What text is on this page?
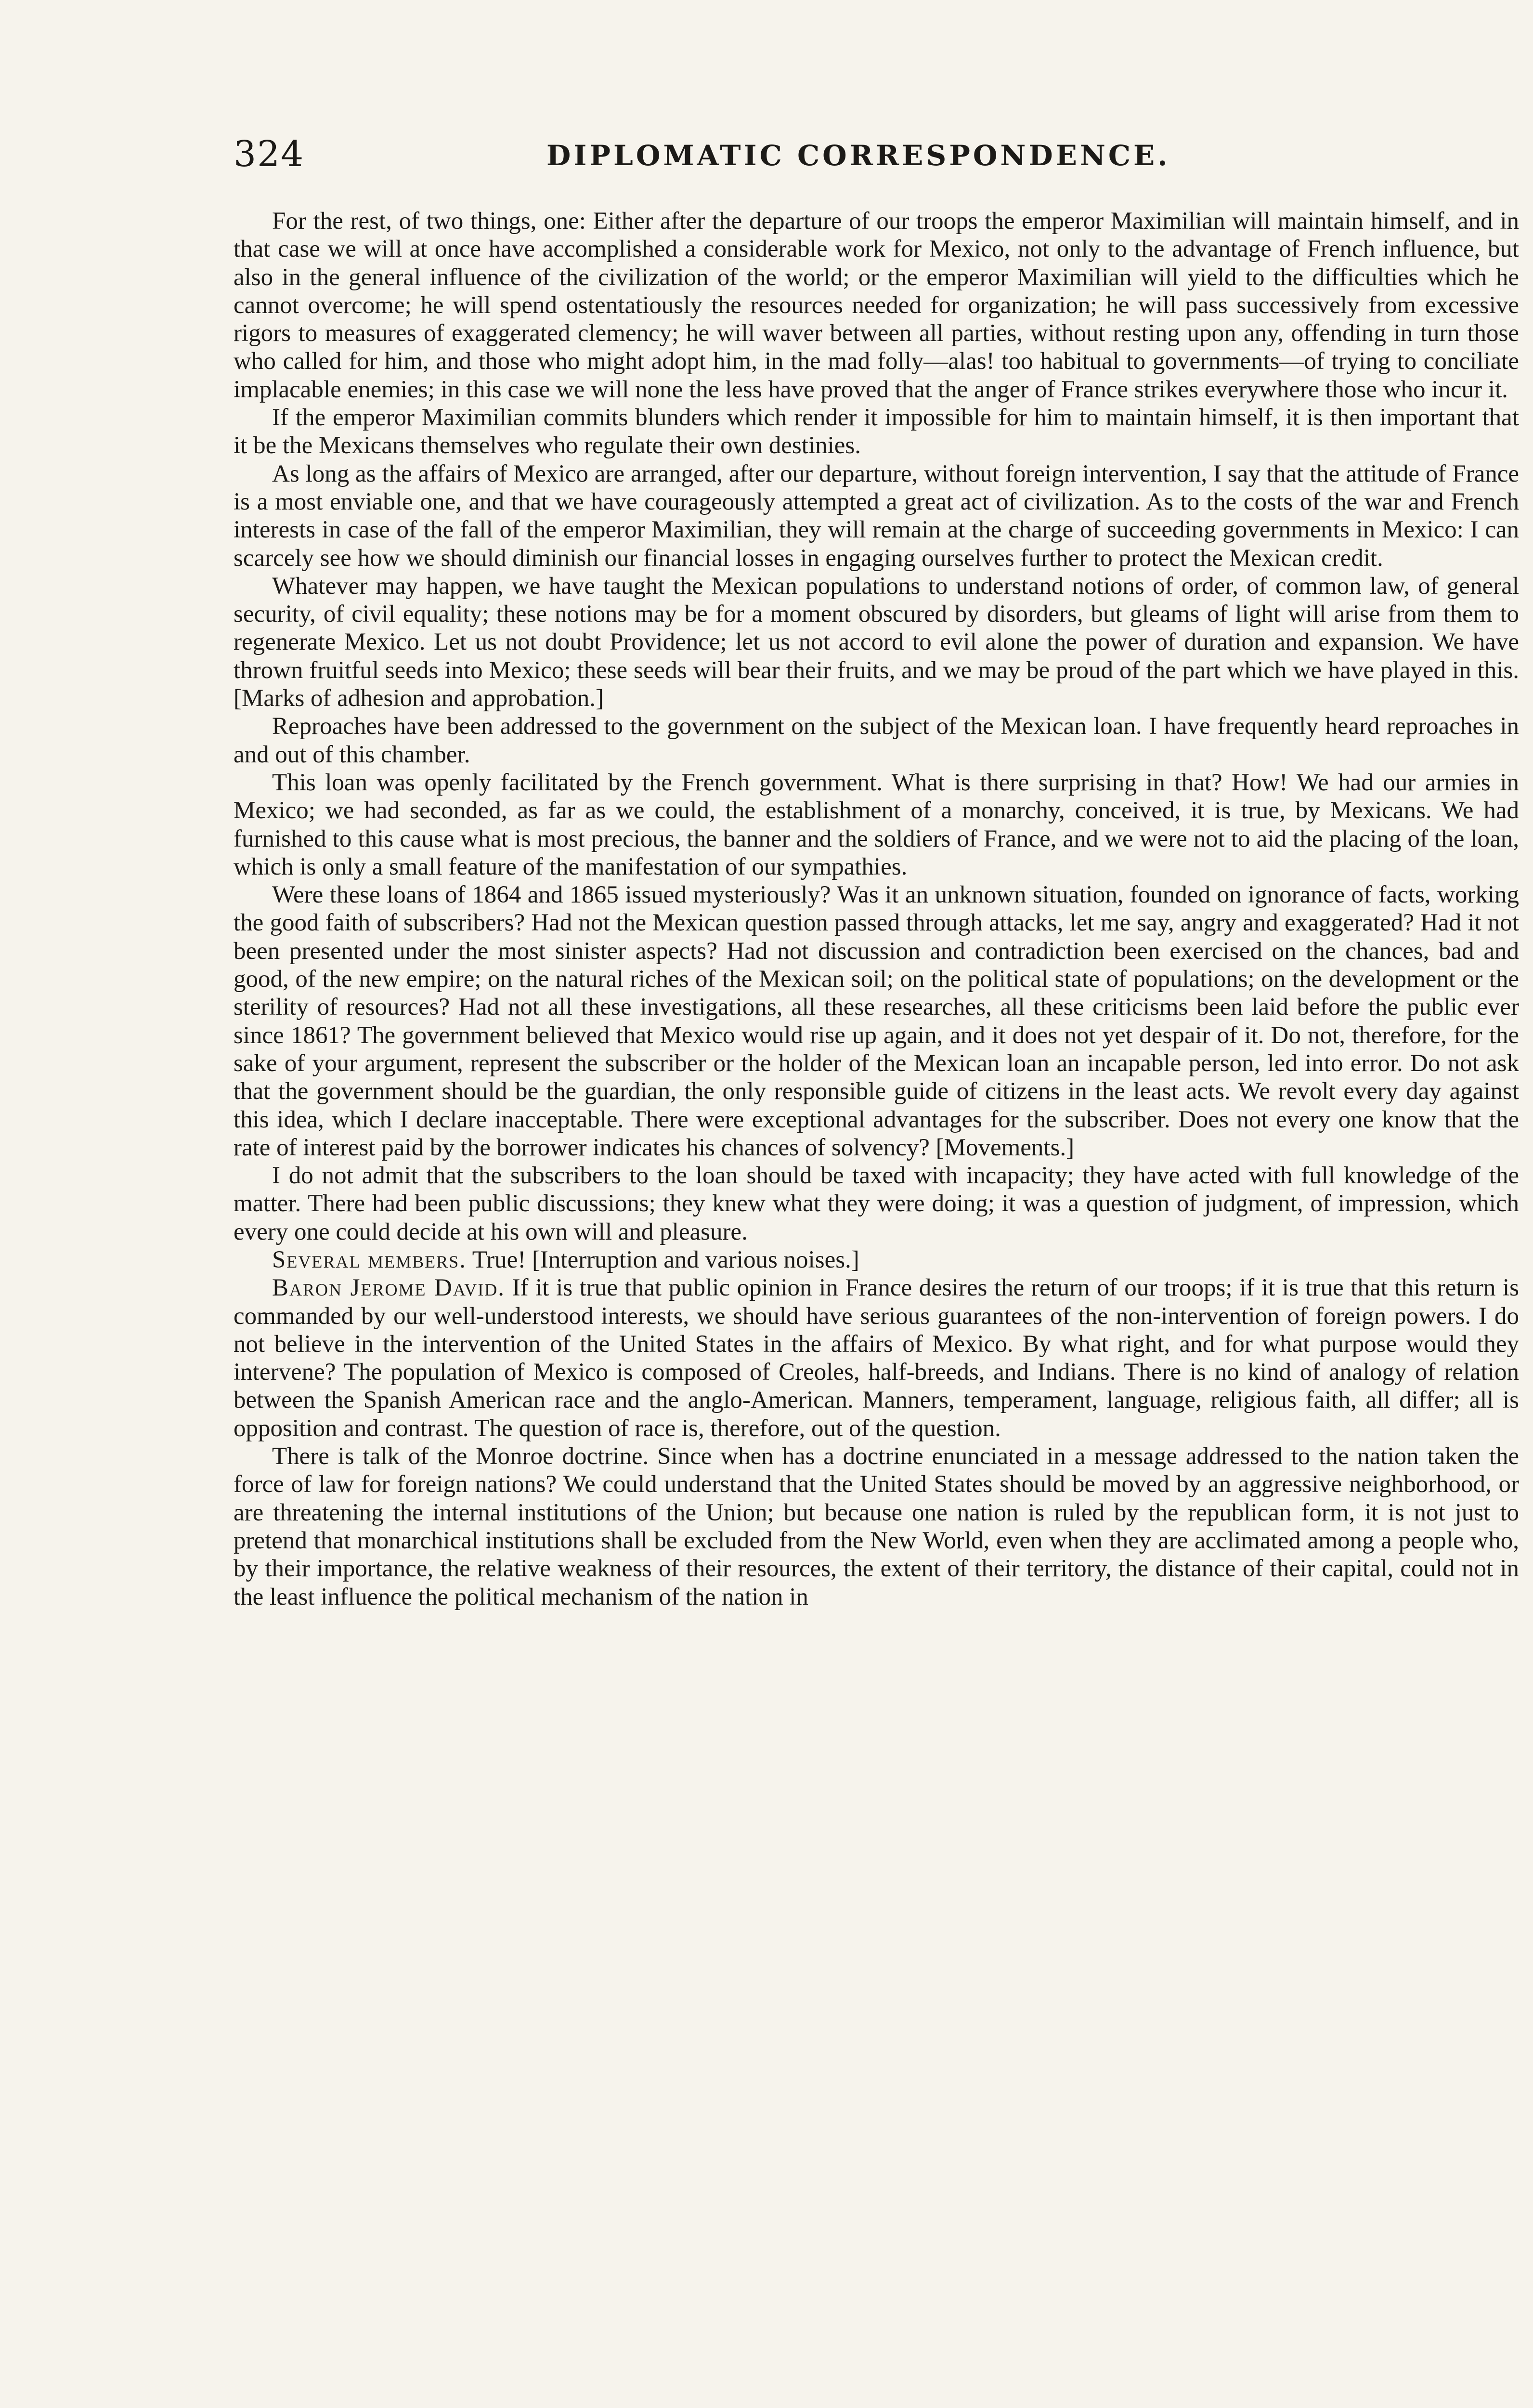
324	DIPLOMATIC CORRESPONDENCE.

For the rest, of two things, one: Either after the departure of our troops the emperor Maximilian will maintain himself, and in that case we will at once have accomplished a considerable work for Mexico, not only to the advantage of French influence, but also in the general influence of the civilization of the world; or the emperor Maximilian will yield to the difficulties which he cannot overcome; he will spend ostentatiously the resources needed for organization; he will pass successively from excessive rigors to measures of exaggerated clemency; he will waver between all parties, without resting upon any, offending in turn those who called for him, and those who might adopt him, in the mad folly—alas! too habitual to governments—of trying to conciliate implacable enemies; in this case we will none the less have proved that the anger of France strikes everywhere those who incur it.

If the emperor Maximilian commits blunders which render it impossible for him to maintain himself, it is then important that it be the Mexicans themselves who regulate their own destinies.

As long as the affairs of Mexico are arranged, after our departure, without foreign intervention, I say that the attitude of France is a most enviable one, and that we have courageously attempted a great act of civilization. As to the costs of the war and French interests in case of the fall of the emperor Maximilian, they will remain at the charge of succeeding governments in Mexico: I can scarcely see how we should diminish our financial losses in engaging ourselves further to protect the Mexican credit.

Whatever may happen, we have taught the Mexican populations to understand notions of order, of common law, of general security, of civil equality; these notions may be for a moment obscured by disorders, but gleams of light will arise from them to regenerate Mexico. Let us not doubt Providence; let us not accord to evil alone the power of duration and expansion. We have thrown fruitful seeds into Mexico; these seeds will bear their fruits, and we may be proud of the part which we have played in this. [Marks of adhesion and approbation.]

Reproaches have been addressed to the government on the subject of the Mexican loan. I have frequently heard reproaches in and out of this chamber.

This loan was openly facilitated by the French government. What is there surprising in that? How! We had our armies in Mexico; we had seconded, as far as we could, the establishment of a monarchy, conceived, it is true, by Mexicans. We had furnished to this cause what is most precious, the banner and the soldiers of France, and we were not to aid the placing of the loan, which is only a small feature of the manifestation of our sympathies.

Were these loans of 1864 and 1865 issued mysteriously? Was it an unknown situation, founded on ignorance of facts, working the good faith of subscribers? Had not the Mexican question passed through attacks, let me say, angry and exaggerated? Had it not been presented under the most sinister aspects? Had not discussion and contradiction been exercised on the chances, bad and good, of the new empire; on the natural riches of the Mexican soil; on the political state of populations; on the development or the sterility of resources? Had not all these investigations, all these researches, all these criticisms been laid before the public ever since 1861? The government believed that Mexico would rise up again, and it does not yet despair of it. Do not, therefore, for the sake of your argument, represent the subscriber or the holder of the Mexican loan an incapable person, led into error. Do not ask that the government should be the guardian, the only responsible guide of citizens in the least acts. We revolt every day against this idea, which I declare inacceptable. There were exceptional advantages for the subscriber. Does not every one know that the rate of interest paid by the borrower indicates his chances of solvency? [Movements.]

I do not admit that the subscribers to the loan should be taxed with incapacity; they have acted with full knowledge of the matter. There had been public discussions; they knew what they were doing; it was a question of judgment, of impression, which every one could decide at his own will and pleasure.

Several members. True! [Interruption and various noises.]

Baron Jerome David. If it is true that public opinion in France desires the return of our troops; if it is true that this return is commanded by our well-understood interests, we should have serious guarantees of the non-intervention of foreign powers. I do not believe in the intervention of the United States in the affairs of Mexico. By what right, and for what purpose would they intervene? The population of Mexico is composed of Creoles, half-breeds, and Indians. There is no kind of analogy of relation between the Spanish American race and the anglo-American. Manners, temperament, language, religious faith, all differ; all is opposition and contrast. The question of race is, therefore, out of the question.

There is talk of the Monroe doctrine. Since when has a doctrine enunciated in a message addressed to the nation taken the force of law for foreign nations? We could understand that the United States should be moved by an aggressive neighborhood, or are threatening the internal institutions of the Union; but because one nation is ruled by the republican form, it is not just to pretend that monarchical institutions shall be excluded from the New World, even when they are acclimated among a people who, by their importance, the relative weakness of their resources, the extent of their territory, the distance of their capital, could not in the least influence the political mechanism of the nation in
